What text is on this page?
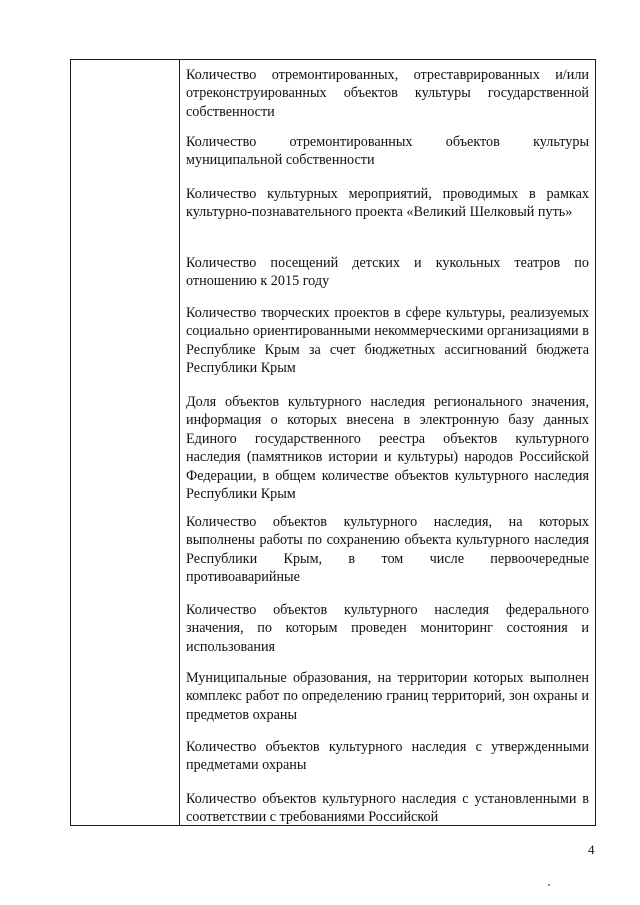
Количество отремонтированных, отреставрированных и/или отреконструированных объектов культуры государственной собственности
Количество отремонтированных объектов культуры муниципальной собственности
Количество культурных мероприятий, проводимых в рамках культурно-познавательного проекта «Великий Шелковый путь»
Количество посещений детских и кукольных театров по отношению к 2015 году
Количество творческих проектов в сфере культуры, реализуемых социально ориентированными некоммерческими организациями в Республике Крым за счет бюджетных ассигнований бюджета Республики Крым
Доля объектов культурного наследия регионального значения, информация о которых внесена в электронную базу данных Единого государственного реестра объектов культурного наследия (памятников истории и культуры) народов Российской Федерации, в общем количестве объектов культурного наследия Республики Крым
Количество объектов культурного наследия, на которых выполнены работы по сохранению объекта культурного наследия Республики Крым, в том числе первоочередные противоаварийные
Количество объектов культурного наследия федерального значения, по которым проведен мониторинг состояния и использования
Муниципальные образования, на территории которых выполнен комплекс работ по определению границ территорий, зон охраны и предметов охраны
Количество объектов культурного наследия с утвержденными предметами охраны
Количество объектов культурного наследия с установленными в соответствии с требованиями Российской
4
